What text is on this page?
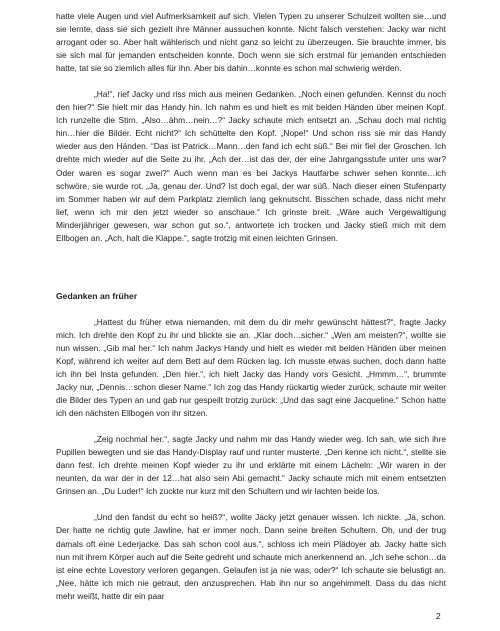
hatte viele Augen und viel Aufmerksamkeit auf sich. Vielen Typen zu unserer Schulzeit wollten sie…und sie lernte, dass sie sich gezielt ihre Männer aussuchen konnte. Nicht falsch verstehen: Jacky war nicht arrogant oder so. Aber halt wählerisch und nicht ganz so leicht zu überzeugen. Sie brauchte immer, bis sie sich mal für jemanden entscheiden konnte. Doch wenn sie sich erstmal für jemanden entschieden hatte, tat sie so ziemlich alles für ihn. Aber bis dahin…konnte es schon mal schwierig werden.

„Ha!“, rief Jacky und riss mich aus meinen Gedanken. „Noch einen gefunden. Kennst du noch den hier?“ Sie hielt mir das Handy hin. Ich nahm es und hielt es mit beiden Händen über meinen Kopf. Ich runzelte die Stirn. „Also…ähm…nein…?“ Jacky schaute mich entsetzt an. „Schau doch mal richtig hin…hier die Bilder. Echt nicht?“ Ich schüttelte den Kopf. „Nope!“ Und schon riss sie mir das Handy wieder aus den Händen. “Das ist Patrick…Mann…den fand ich echt süß.“ Bei mir fiel der Groschen. Ich drehte mich wieder auf die Seite zu ihr. „Ach der…ist das der, der eine Jahrgangsstufe unter uns war? Oder waren es sogar zwei?“ Auch wenn man es bei Jackys Hautfarbe schwer sehen konnte…ich schwöre, sie wurde rot. „Ja, genau der. Und? Ist doch egal, der war süß. Nach dieser einen Stufenparty im Sommer haben wir auf dem Parkplatz ziemlich lang geknutscht. Bisschen schade, dass nicht mehr lief, wenn ich mir den jetzt wieder so anschaue.“ Ich grinste breit. „Wäre auch Vergewaltigung Minderjähriger gewesen, war schon gut so.“, antwortete ich trocken und Jacky stieß mich mit dem Ellbogen an. „Ach, halt die Klappe.“, sagte trotzig mit einen leichten Grinsen.

Gedanken an früher

„Hattest du früher etwa niemanden, mit dem du dir mehr gewünscht hättest?“, fragte Jacky mich. Ich drehte den Kopf zu ihr und blickte sie an. „Klar doch…sicher.“ „Wen am meisten?“, wollte sie nun wissen. „Gib mal her.“ Ich nahm Jackys Handy und hielt es wieder mit beiden Händen über meinen Kopf, während ich weiter auf dem Bett auf dem Rücken lag. Ich musste etwas suchen, doch dann hatte ich ihn bei Insta gefunden. „Den hier.“, ich hielt Jacky das Handy vors Gesicht. „Hmmm…“, brummte Jacky nur, „Dennis…schon dieser Name.“ Ich zog das Handy rückartig wieder zurück, schaute mir weiter die Bilder des Typen an und gab nur gespeilt trotzig zurück: „Und das sagt eine Jacqueline.“ Schon hatte ich den nächsten Ellbogen von ihr sitzen.

„Zeig nochmal her.“, sagte Jacky und nahm mir das Handy wieder weg. Ich sah, wie sich ihre Pupillen bewegten und sie das Handy-Display rauf und runter musterte. „Den kenne ich nicht.“, stellte sie dann fest. Ich drehte meinen Kopf wieder zu ihr und erklärte mit einem Lächeln: „Wir waren in der neunten, da war der in der 12…hat also sein Abi gemacht.“ Jacky schaute mich mit einem entsetzten Grinsen an. „Du Luder!“ Ich zuckte nur kurz mit den Schultern und wir lachten beide los.

„Und den fandst du echt so heiß?“, wollte Jacky jetzt genauer wissen. Ich nickte. „Ja, schon. Der hatte ne richtig gute Jawline, hat er immer noch. Dann seine breiten Schultern. Oh, und der trug damals oft eine Lederjacke. Das sah schon cool aus.“, schloss ich mein Plädoyer ab. Jacky hatte sich nun mit ihrem Körper auch auf die Seite gedreht und schaute mich anerkennend an. „Ich sehe schon…da ist eine echte Lovestory verloren gegangen. Gelaufen ist ja nie was, oder?“ Ich schaute sie belustigt an. „Nee, hätte ich mich nie getraut, den anzusprechen. Hab ihn nur so angehimmelt. Dass du das nicht mehr weißt, hatte dir ein paar

2
